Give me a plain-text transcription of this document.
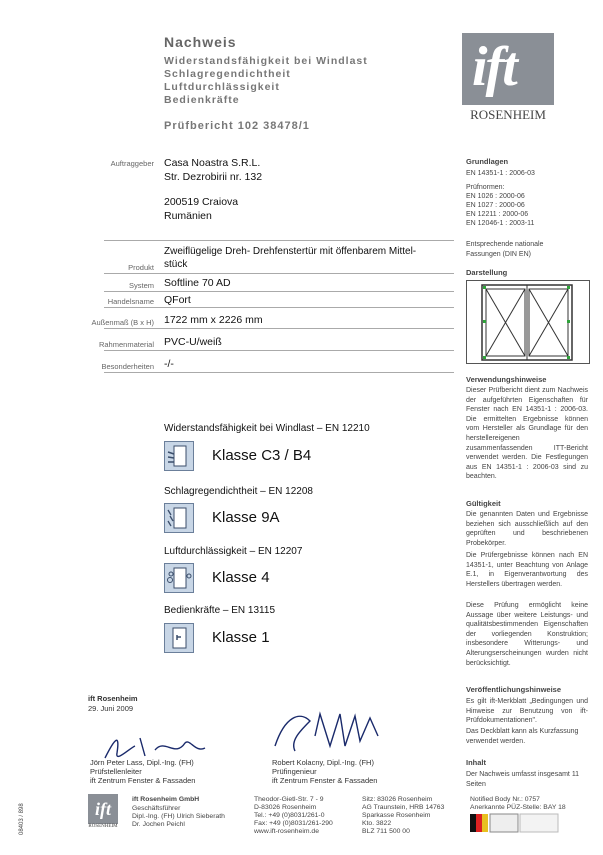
Nachweis
Widerstandsfähigkeit bei Windlast
Schlagregendichtheit
Luftdurchlässigkeit
Bedienkräfte
Prüfbericht 102 38478/1
ift
ROSENHEIM
Auftraggeber Casa Noastra S.R.L.
Str. Dezrobirii nr. 132
200519 Craiova
Rumänien
Zweiflügelige Dreh- Drehfenstertür mit öffenbarem Mittel-
stück
Produkt
Softline 70 AD
System
QFort
Handelsname
1722 mm x 2226 mm
Außenmaß (B x H)
PVC-U/weiß
Rahmenmaterial
-/-
Besonderheiten
Widerstandsfähigkeit bei Windlast – EN 12210
Klasse C3 / B4
Schlagregendichtheit – EN 12208
Klasse 9A
Luftdurchlässigkeit – EN 12207
Klasse 4
Bedienkräfte – EN 13115
Klasse 1
Grundlagen
EN 14351-1 : 2006-03
Prüfnormen:
EN 1026 : 2000-06
EN 1027 : 2000-06
EN 12211 : 2000-06
EN 12046-1 : 2003-11
Entsprechende nationale Fassungen (DIN EN)
Darstellung
Verwendungshinweise
Dieser Prüfbericht dient zum Nachweis der aufgeführten Eigenschaften für Fenster nach EN 14351-1 : 2006-03. Die ermittelten Ergebnisse können vom Hersteller als Grundlage für den herstellereigenen zusammenfassenden ITT-Bericht verwendet werden. Die Festlegungen aus EN 14351-1 : 2006-03 sind zu beachten.
Gültigkeit
Die genannten Daten und Ergebnisse beziehen sich ausschließlich auf den geprüften und beschriebenen Probekörper.
Die Prüfergebnisse können nach EN 14351-1, unter Beachtung von Anlage E.1, in Eigenverantwortung des Herstellers übertragen werden.
Diese Prüfung ermöglicht keine Aussage über weitere Leistungs- und qualitätsbestimmenden Eigenschaften der vorliegenden Konstruktion; insbesondere Witterungs- und Alterungserscheinungen wurden nicht berücksichtigt.
Veröffentlichungshinweise
Es gilt ift-Merkblatt „Bedingungen und Hinweise zur Benutzung von ift-Prüfdokumentationen".
Das Deckblatt kann als Kurzfassung verwendet werden.
Inhalt
Der Nachweis umfasst insgesamt 11 Seiten
ift Rosenheim
29. Juni 2009
Jörn Peter Lass, Dipl.-Ing. (FH)
Prüfstellenleiter
ift Zentrum Fenster & Fassaden
Robert Kolacny, Dipl.-Ing. (FH)
Prüfingenieur
ift Zentrum Fenster & Fassaden
08403 / 898	ift
ROSENHEIM
ift Rosenheim GmbH
Geschäftsführer
Dipl.-Ing. (FH) Ulrich Sieberath
Dr. Jochen Peichl
Theodor-Gietl-Str. 7 - 9
D-83026 Rosenheim
Tel.: +49 (0)8031/261-0
Fax: +49 (0)8031/261-290
www.ift-rosenheim.de
Sitz: 83026 Rosenheim
AG Traunstein, HRB 14763
Sparkasse Rosenheim
Kto. 3822
BLZ 711 500 00
Notified Body Nr.: 0757
Anerkannte PÜZ-Stelle: BAY 18
